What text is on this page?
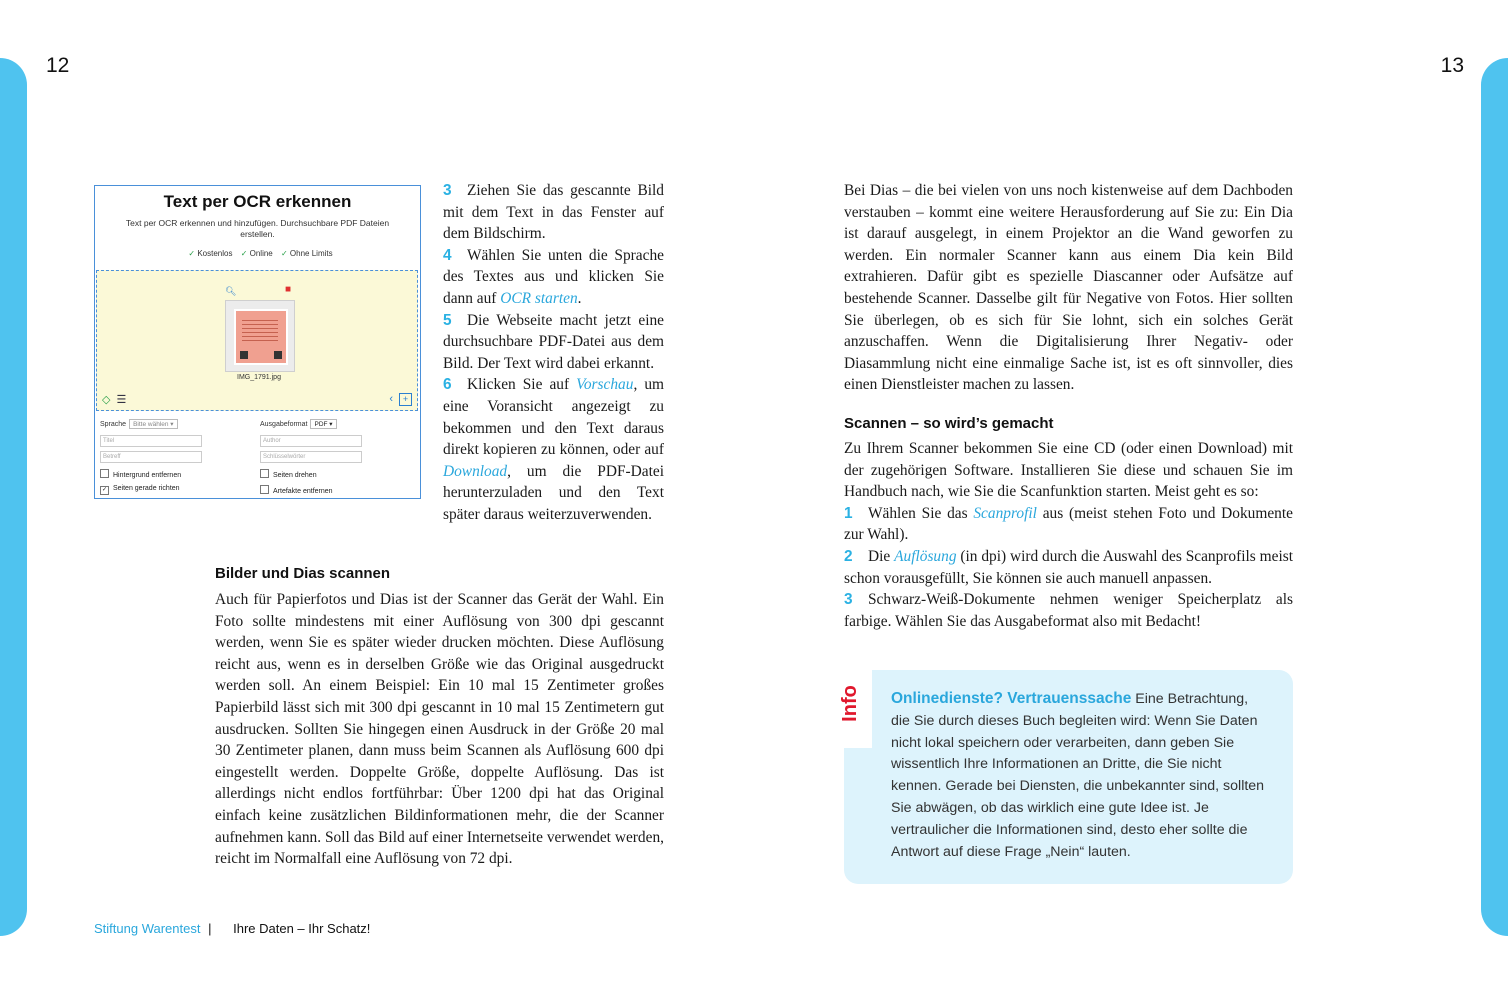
12	13
Text per OCR erkennen
Text per OCR erkennen und hinzufügen. Durchsuchbare PDF Dateien erstellen.
✓ Kostenlos ✓ Online ✓ Ohne Limits
🔍︎	■
IMG_1791.jpg
◇ ☰	‹ +
Sprache Bitte wählen ▾	Ausgabeformat PDF ▾
Titel
Betreff
Author
Schlüsselwörter
Hintergrund entfernen
✓ Seiten gerade richten
Seiten drehen
Artefakte entfernen

3 Ziehen Sie das gescannte Bild mit dem Text in das Fenster auf dem Bildschirm.

4 Wählen Sie unten die Sprache des Textes aus und klicken Sie dann auf OCR starten.

5 Die Webseite macht jetzt eine durchsuchbare PDF-Datei aus dem Bild. Der Text wird dabei erkannt.

6 Klicken Sie auf Vorschau, um eine Voransicht angezeigt zu bekommen und den Text daraus direkt kopieren zu können, oder auf Download, um die PDF-Datei herunterzuladen und den Text später daraus weiterzuverwenden.

Bilder und Dias scannen

Auch für Papierfotos und Dias ist der Scanner das Gerät der Wahl. Ein Foto sollte mindestens mit einer Auflösung von 300 dpi gescannt werden, wenn Sie es später wieder drucken möchten. Diese Auflösung reicht aus, wenn es in derselben Größe wie das Original ausgedruckt werden soll. An einem Beispiel: Ein 10 mal 15 Zentimeter großes Papierbild lässt sich mit 300 dpi gescannt in 10 mal 15 Zentimetern gut ausdrucken. Sollten Sie hingegen einen Ausdruck in der Größe 20 mal 30 Zentimeter planen, dann muss beim Scannen als Auflösung 600 dpi eingestellt werden. Doppelte Größe, doppelte Auflösung. Das ist allerdings nicht endlos fortführbar: Über 1200 dpi hat das Original einfach keine zusätzlichen Bildinformationen mehr, die der Scanner aufnehmen kann. Soll das Bild auf einer Internetseite verwendet werden, reicht im Normalfall eine Auflösung von 72 dpi.

Bei Dias – die bei vielen von uns noch kistenweise auf dem Dachboden verstauben – kommt eine weitere Herausforderung auf Sie zu: Ein Dia ist darauf ausgelegt, in einem Projektor an die Wand geworfen zu werden. Ein normaler Scanner kann aus einem Dia kein Bild extrahieren. Dafür gibt es spezielle Diascanner oder Aufsätze auf bestehende Scanner. Dasselbe gilt für Negative von Fotos. Hier sollten Sie überlegen, ob es sich für Sie lohnt, sich ein solches Gerät anzuschaffen. Wenn die Digitalisierung Ihrer Negativ- oder Diasammlung nicht eine einmalige Sache ist, ist es oft sinnvoller, dies einen Dienstleister machen zu lassen.

Scannen – so wird’s gemacht

Zu Ihrem Scanner bekommen Sie eine CD (oder einen Download) mit der zugehörigen Software. Installieren Sie diese und schauen Sie im Handbuch nach, wie Sie die Scanfunktion starten. Meist geht es so:

1 Wählen Sie das Scanprofil aus (meist stehen Foto und Dokumente zur Wahl).

2 Die Auflösung (in dpi) wird durch die Auswahl des Scanprofils meist schon vorausgefüllt, Sie können sie auch manuell anpassen.

3 Schwarz-Weiß-Dokumente nehmen weniger Speicherplatz als farbige. Wählen Sie das Ausgabeformat also mit Bedacht!

Info	Onlinedienste? Vertrauenssache Eine Betrachtung, die Sie durch dieses Buch begleiten wird: Wenn Sie Daten nicht lokal speichern oder verarbeiten, dann geben Sie wissentlich Ihre Informationen an Dritte, die Sie nicht kennen. Gerade bei Diensten, die unbekannter sind, sollten Sie abwägen, ob das wirklich eine gute Idee ist. Je vertraulicher die Informationen sind, desto eher sollte die Antwort auf diese Frage „Nein“ lauten.
Stiftung Warentest | Ihre Daten – Ihr Schatz!
